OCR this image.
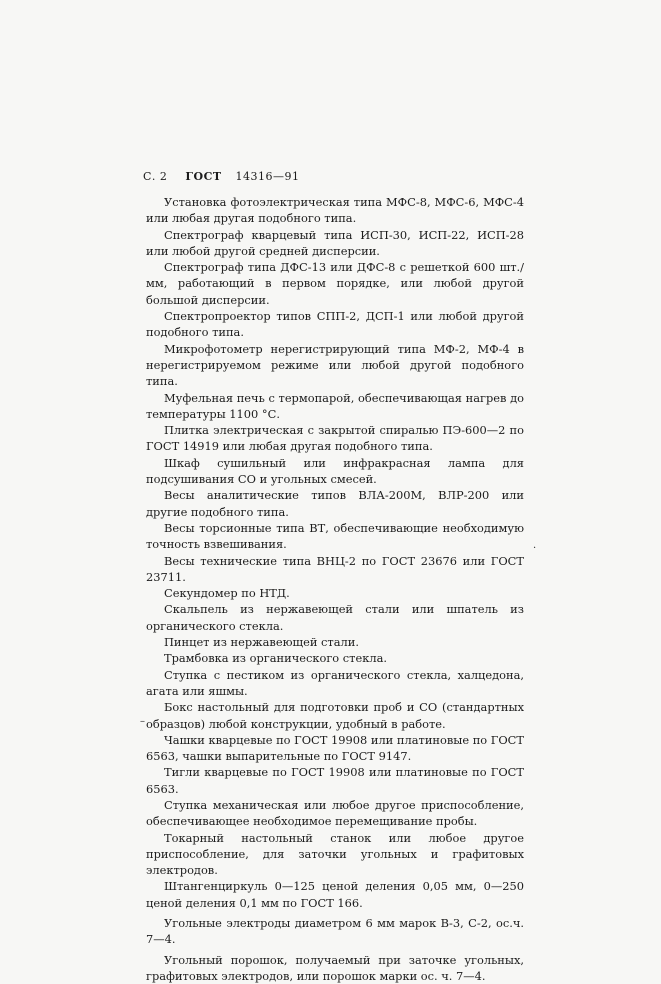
С. 2 ГОСТ 14316—91

Установка фотоэлектрическая типа МФС-8, МФС-6, МФС-4 или любая другая подобного типа.

Спектрограф кварцевый типа ИСП-30, ИСП-22, ИСП-28 или любой другой средней дисперсии.

Спектрограф типа ДФС-13 или ДФС-8 с решеткой 600 шт./мм, работающий в первом порядке, или любой другой большой дисперсии.

Спектропроектор типов СПП-2, ДСП-1 или любой другой подобного типа.

Микрофотометр нерегистрирующий типа МФ-2, МФ-4 в нерегистрируемом режиме или любой другой подобного типа.

Муфельная печь с термопарой, обеспечивающая нагрев до температуры 1100 °С.

Плитка электрическая с закрытой спиралью ПЭ-600—2 по ГОСТ 14919 или любая другая подобного типа.

Шкаф сушильный или инфракрасная лампа для подсушивания СО и угольных смесей.

Весы аналитические типов ВЛА-200М, ВЛР-200 или другие подобного типа.

Весы торсионные типа ВТ, обеспечивающие необходимую точность взвешивания.

Весы технические типа ВНЦ-2 по ГОСТ 23676 или ГОСТ 23711.

Секундомер по НТД.

Скальпель из нержавеющей стали или шпатель из органического стекла.

Пинцет из нержавеющей стали.

Трамбовка из органического стекла.

Ступка с пестиком из органического стекла, халцедона, агата или яшмы.

Бокс настольный для подготовки проб и СО (стандартных образцов) любой конструкции, удобный в работе.

Чашки кварцевые по ГОСТ 19908 или платиновые по ГОСТ 6563, чашки выпарительные по ГОСТ 9147.

Тигли кварцевые по ГОСТ 19908 или платиновые по ГОСТ 6563.

Ступка механическая или любое другое приспособление, обеспечивающее необходимое перемещивание пробы.

Токарный настольный станок или любое другое приспособление, для заточки угольных и графитовых электродов.

Штангенциркуль 0—125 ценой деления 0,05 мм, 0—250 ценой деления 0,1 мм по ГОСТ 166.

Угольные электроды диаметром 6 мм марок В-3, С-2, ос.ч. 7—4.

Угольный порошок, получаемый при заточке угольных, графитовых электродов, или порошок марки ос. ч. 7—4.

·
–
